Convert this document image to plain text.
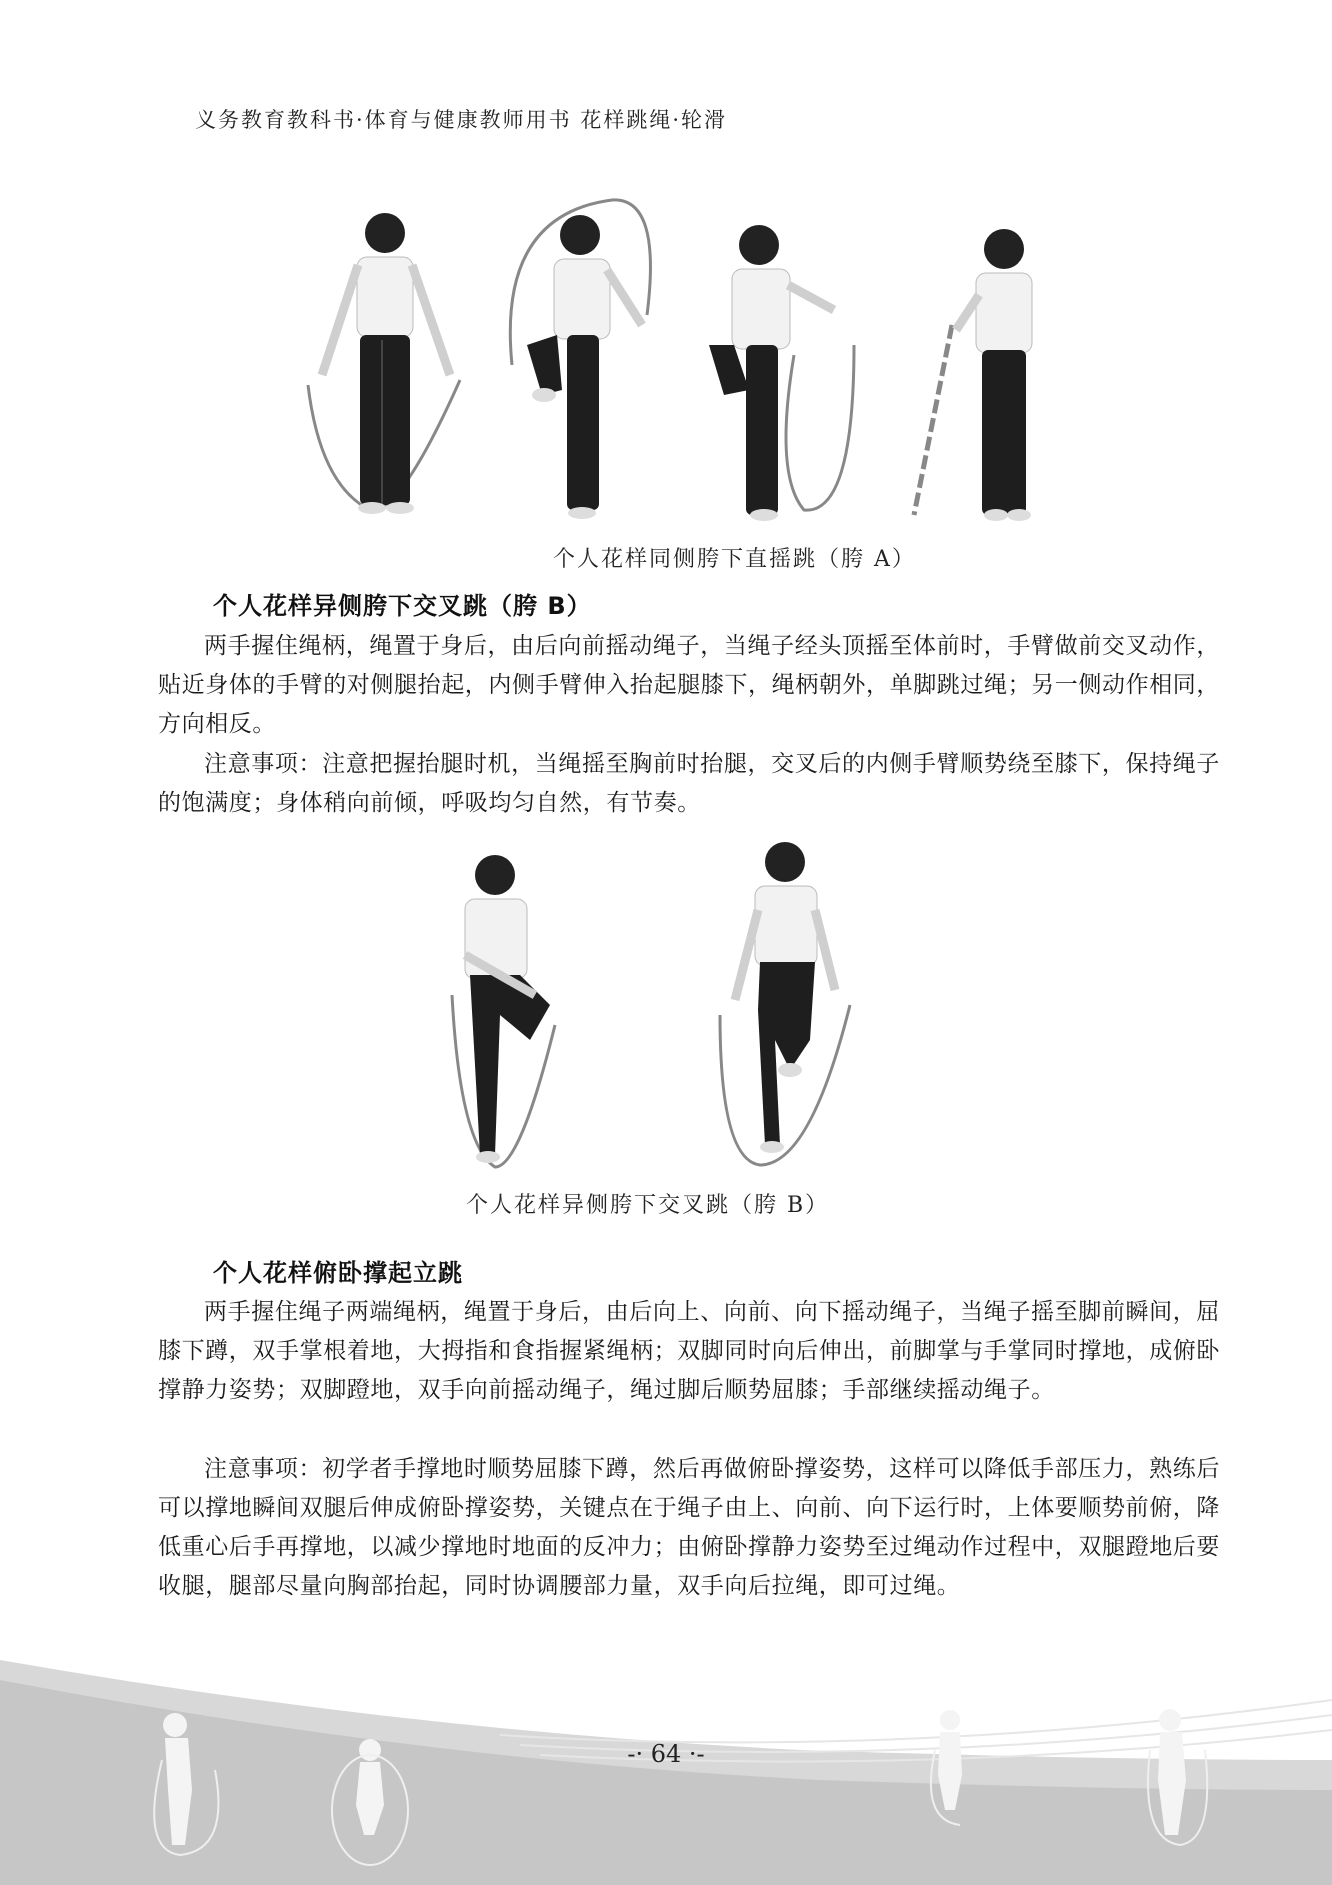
义务教育教科书·体育与健康教师用书 花样跳绳·轮滑
个人花样同侧胯下直摇跳（胯 A）
个人花样异侧胯下交叉跳（胯 B）

两手握住绳柄，绳置于身后，由后向前摇动绳子，当绳子经头顶摇至体前时，手臂做前交叉动作，贴近身体的手臂的对侧腿抬起，内侧手臂伸入抬起腿膝下，绳柄朝外，单脚跳过绳；另一侧动作相同，方向相反。

注意事项：注意把握抬腿时机，当绳摇至胸前时抬腿，交叉后的内侧手臂顺势绕至膝下，保持绳子的饱满度；身体稍向前倾，呼吸均匀自然，有节奏。

个人花样异侧胯下交叉跳（胯 B）
个人花样俯卧撑起立跳

两手握住绳子两端绳柄，绳置于身后，由后向上、向前、向下摇动绳子，当绳子摇至脚前瞬间，屈膝下蹲，双手掌根着地，大拇指和食指握紧绳柄；双脚同时向后伸出，前脚掌与手掌同时撑地，成俯卧撑静力姿势；双脚蹬地，双手向前摇动绳子，绳过脚后顺势屈膝；手部继续摇动绳子。

注意事项：初学者手撑地时顺势屈膝下蹲，然后再做俯卧撑姿势，这样可以降低手部压力，熟练后可以撑地瞬间双腿后伸成俯卧撑姿势，关键点在于绳子由上、向前、向下运行时，上体要顺势前俯，降低重心后手再撑地，以减少撑地时地面的反冲力；由俯卧撑静力姿势至过绳动作过程中，双腿蹬地后要收腿，腿部尽量向胸部抬起，同时协调腰部力量，双手向后拉绳，即可过绳。

-· 64 ·-
